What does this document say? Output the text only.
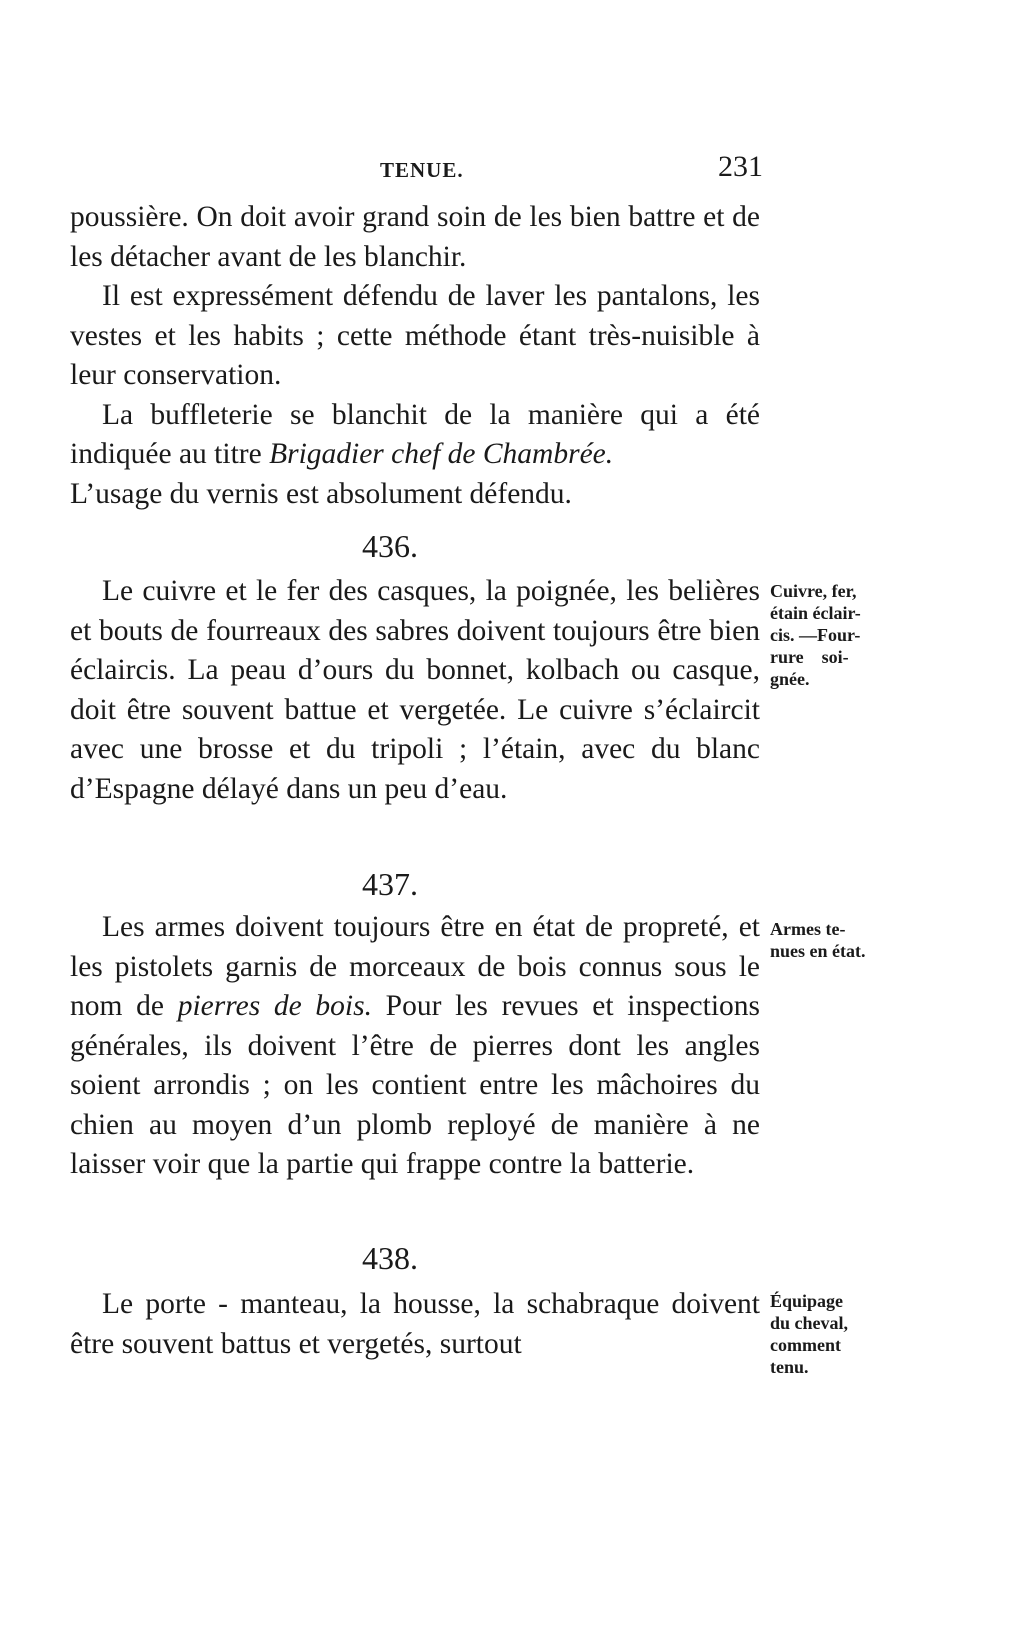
TENUE.	231

poussière. On doit avoir grand soin de les bien battre et de les détacher avant de les blanchir.

Il est expressément défendu de laver les pantalons, les vestes et les habits ; cette méthode étant très-nuisible à leur conservation.

La buffleterie se blanchit de la manière qui a été indiquée au titre Brigadier chef de Chambrée.

L’usage du vernis est absolument défendu.

436.

Le cuivre et le fer des casques, la poignée, les belières et bouts de fourreaux des sabres doivent toujours être bien éclaircis. La peau d’ours du bonnet, kolbach ou casque, doit être souvent battue et vergetée. Le cuivre s’éclaircit avec une brosse et du tripoli ; l’étain, avec du blanc d’Espagne délayé dans un peu d’eau.

Cuivre, fer,
étain éclair-
cis. —Four-
rure    soi-
gnée.
437.

Les armes doivent toujours être en état de propreté, et les pistolets garnis de morceaux de bois connus sous le nom de pierres de bois. Pour les revues et inspections générales, ils doivent l’être de pierres dont les angles soient arrondis ; on les contient entre les mâchoires du chien au moyen d’un plomb reployé de manière à ne laisser voir que la partie qui frappe contre la batterie.

Armes te-
nues en état.
438.

Le porte - manteau, la housse, la schabraque doivent être souvent battus et vergetés, surtout

Équipage
du cheval,
comment
tenu.
